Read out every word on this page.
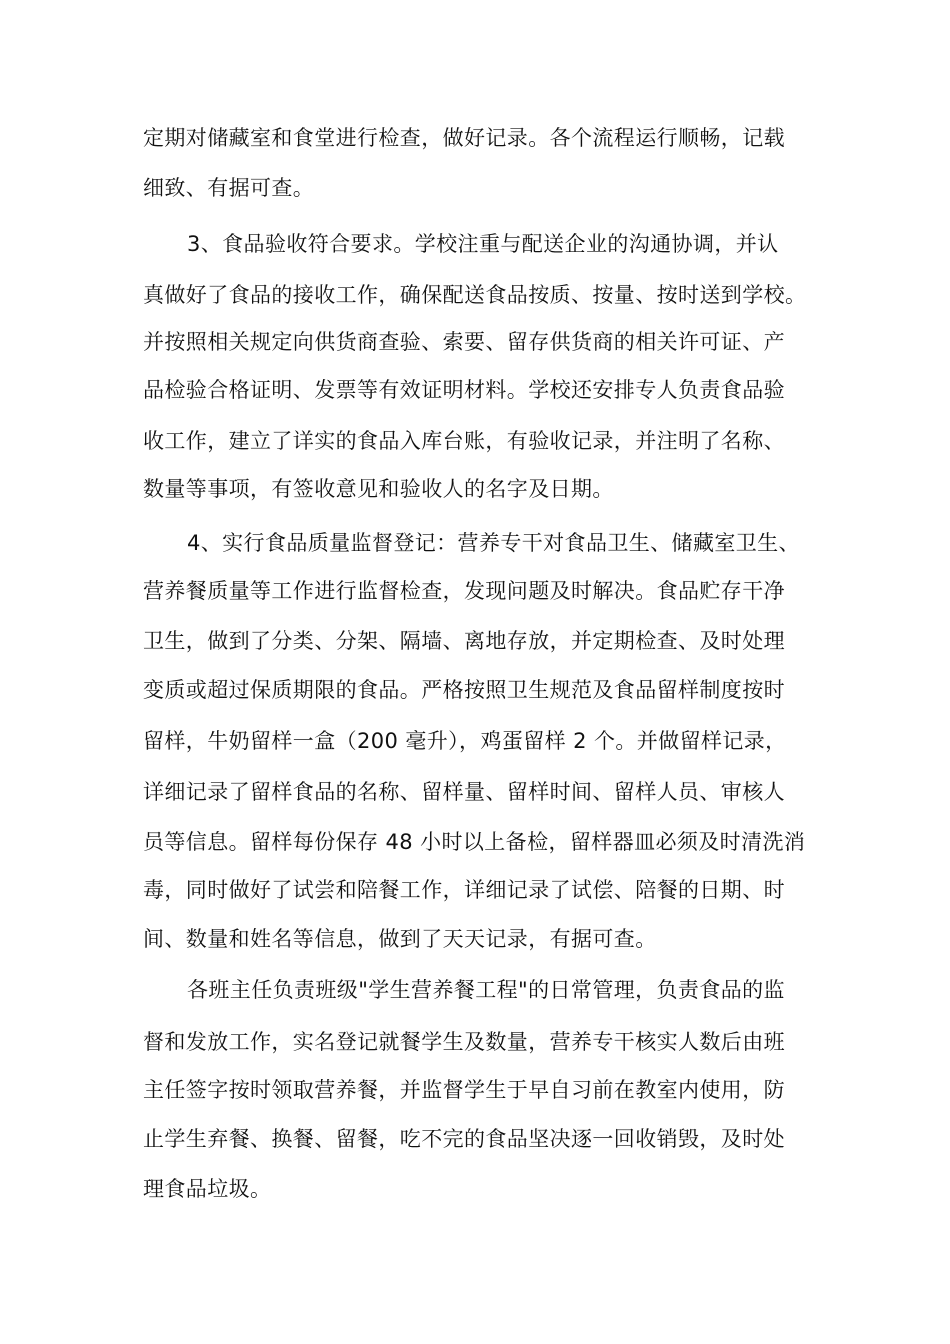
定期对储藏室和食堂进行检查，做好记录。各个流程运行顺畅，记载
细致、有据可查。
3、食品验收符合要求。学校注重与配送企业的沟通协调，并认
真做好了食品的接收工作，确保配送食品按质、按量、按时送到学校。
并按照相关规定向供货商查验、索要、留存供货商的相关许可证、产
品检验合格证明、发票等有效证明材料。学校还安排专人负责食品验
收工作，建立了详实的食品入库台账，有验收记录，并注明了名称、
数量等事项，有签收意见和验收人的名字及日期。
4、实行食品质量监督登记：营养专干对食品卫生、储藏室卫生、
营养餐质量等工作进行监督检查，发现问题及时解决。食品贮存干净
卫生，做到了分类、分架、隔墙、离地存放，并定期检查、及时处理
变质或超过保质期限的食品。严格按照卫生规范及食品留样制度按时
留样，牛奶留样一盒（200 毫升），鸡蛋留样 2 个。并做留样记录，
详细记录了留样食品的名称、留样量、留样时间、留样人员、审核人
员等信息。留样每份保存 48 小时以上备检，留样器皿必须及时清洗消
毒，同时做好了试尝和陪餐工作，详细记录了试偿、陪餐的日期、时
间、数量和姓名等信息，做到了天天记录，有据可查。
各班主任负责班级"学生营养餐工程"的日常管理，负责食品的监
督和发放工作，实名登记就餐学生及数量，营养专干核实人数后由班
主任签字按时领取营养餐，并监督学生于早自习前在教室内使用，防
止学生弃餐、换餐、留餐，吃不完的食品坚决逐一回收销毁，及时处
理食品垃圾。
